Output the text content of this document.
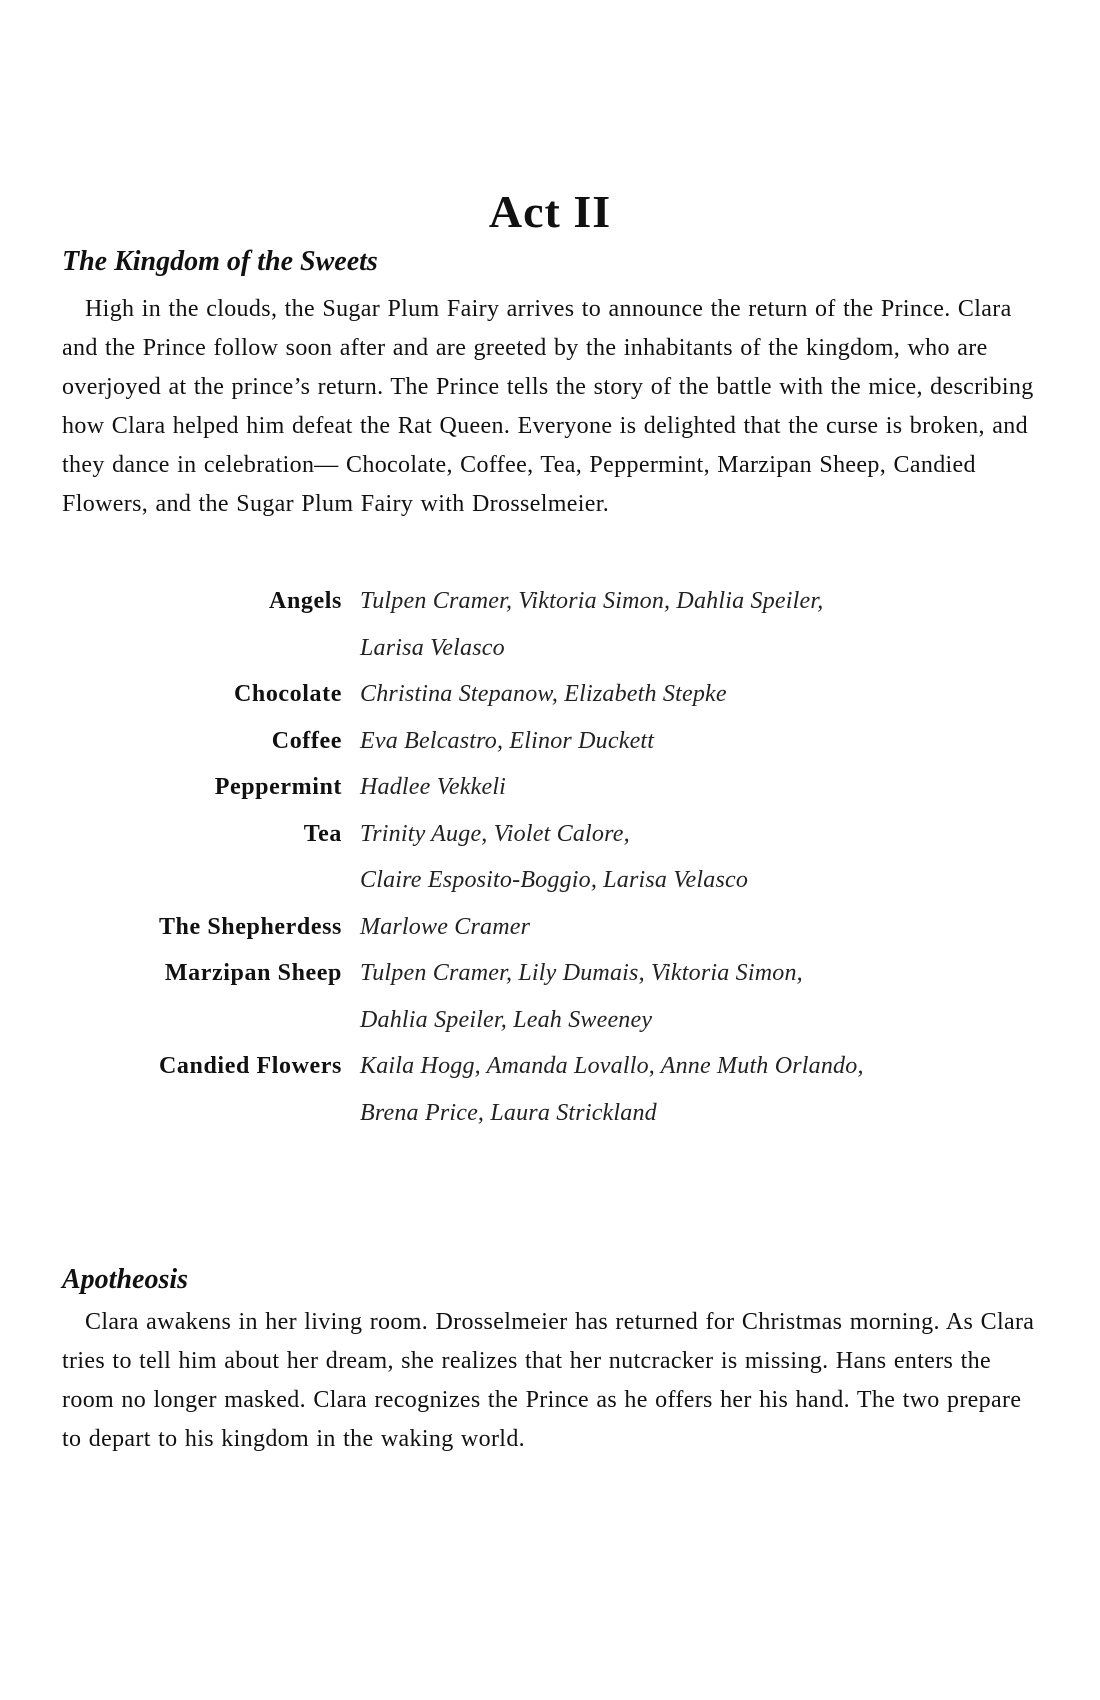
Act II
The Kingdom of the Sweets

High in the clouds, the Sugar Plum Fairy arrives to announce the return of the Prince. Clara and the Prince follow soon after and are greeted by the inhabitants of the kingdom, who are overjoyed at the prince’s return. The Prince tells the story of the battle with the mice, describing how Clara helped him defeat the Rat Queen. Everyone is delighted that the curse is broken, and they dance in celebration— Chocolate, Coffee, Tea, Peppermint, Marzipan Sheep, Candied Flowers, and the Sugar Plum Fairy with Drosselmeier.

Angels Tulpen Cramer, Viktoria Simon, Dahlia Speiler,
Larisa Velasco
Chocolate Christina Stepanow, Elizabeth Stepke
Coffee Eva Belcastro, Elinor Duckett
Peppermint Hadlee Vekkeli
Tea Trinity Auge, Violet Calore,
Claire Esposito-Boggio, Larisa Velasco
The Shepherdess Marlowe Cramer
Marzipan Sheep Tulpen Cramer, Lily Dumais, Viktoria Simon,
Dahlia Speiler, Leah Sweeney
Candied Flowers Kaila Hogg, Amanda Lovallo, Anne Muth Orlando,
Brena Price, Laura Strickland
Apotheosis

Clara awakens in her living room. Drosselmeier has returned for Christmas morning. As Clara tries to tell him about her dream, she realizes that her nutcracker is missing. Hans enters the room no longer masked. Clara recognizes the Prince as he offers her his hand. The two prepare to depart to his kingdom in the waking world.
